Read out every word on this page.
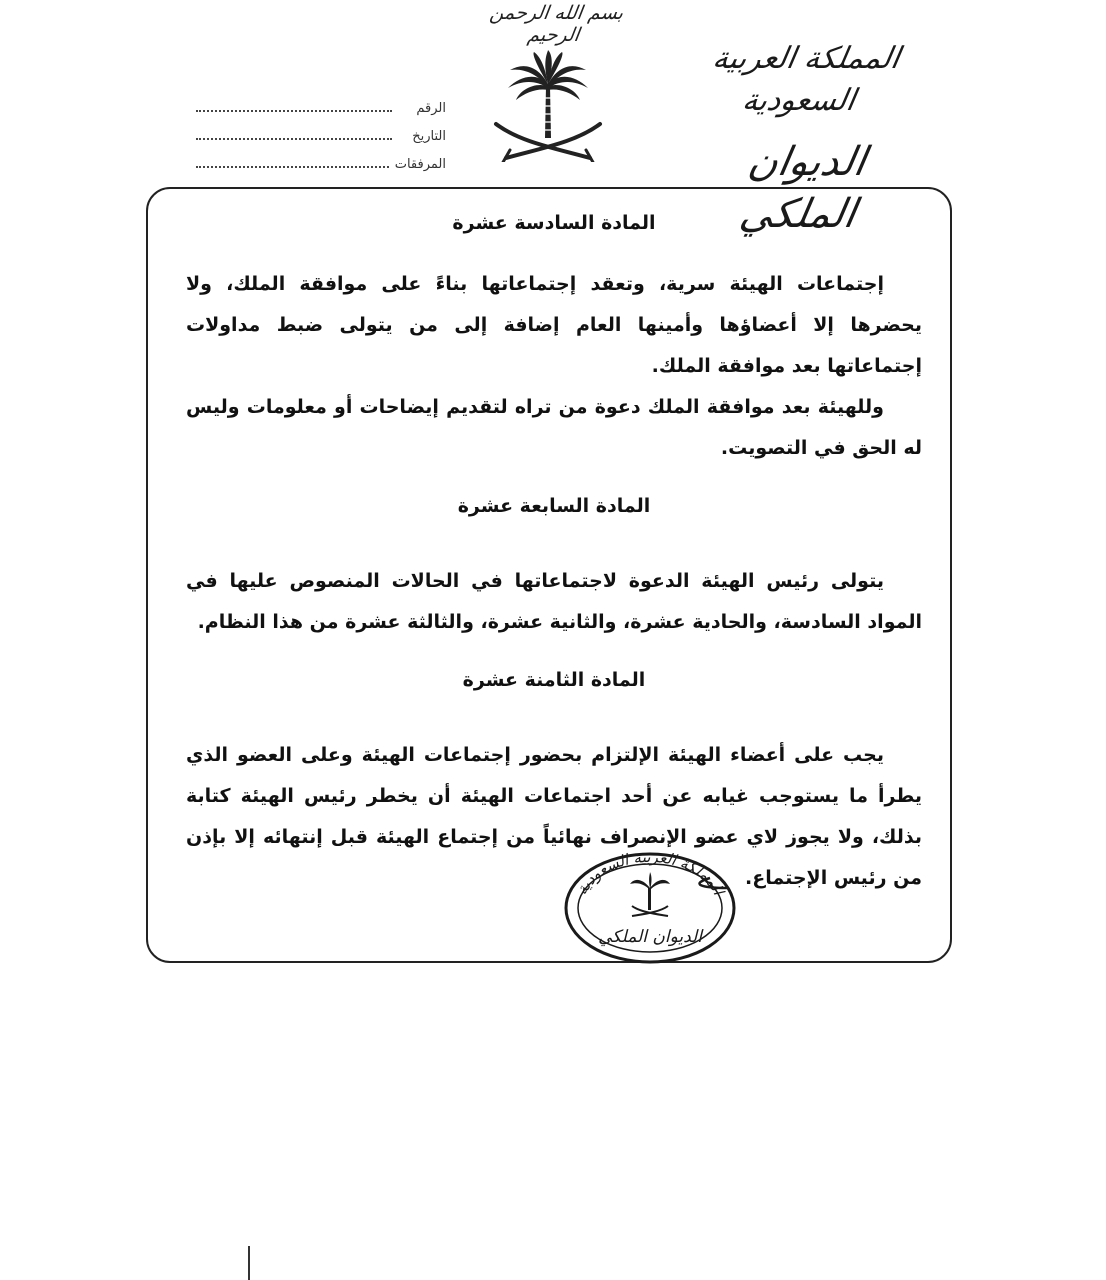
بسم الله الرحمن الرحيم
المملكة العربية السعودية
الديوان الملكي
الرقم
التاريخ
المرفقات
المادة السادسة عشرة

إجتماعات الهيئة سرية، وتعقد إجتماعاتها بناءً على موافقة الملك، ولا يحضرها إلا أعضاؤها وأمينها العام إضافة إلى من يتولى ضبط مداولات إجتماعاتها بعد موافقة الملك.

وللهيئة بعد موافقة الملك دعوة من تراه لتقديم إيضاحات أو معلومات وليس له الحق في التصويت.

المادة السابعة عشرة

يتولى رئيس الهيئة الدعوة لاجتماعاتها في الحالات المنصوص عليها في المواد السادسة، والحادية عشرة، والثانية عشرة، والثالثة عشرة من هذا النظام.

المادة الثامنة عشرة

يجب على أعضاء الهيئة الإلتزام بحضور إجتماعات الهيئة وعلى العضو الذي يطرأ ما يستوجب غيابه عن أحد اجتماعات الهيئة أن يخطر رئيس الهيئة كتابة بذلك، ولا يجوز لاي عضو الإنصراف نهائياً من إجتماع الهيئة قبل إنتهائه إلا بإذن من رئيس الإجتماع.

المملكة العربية السعودية
الديوان الملكي
